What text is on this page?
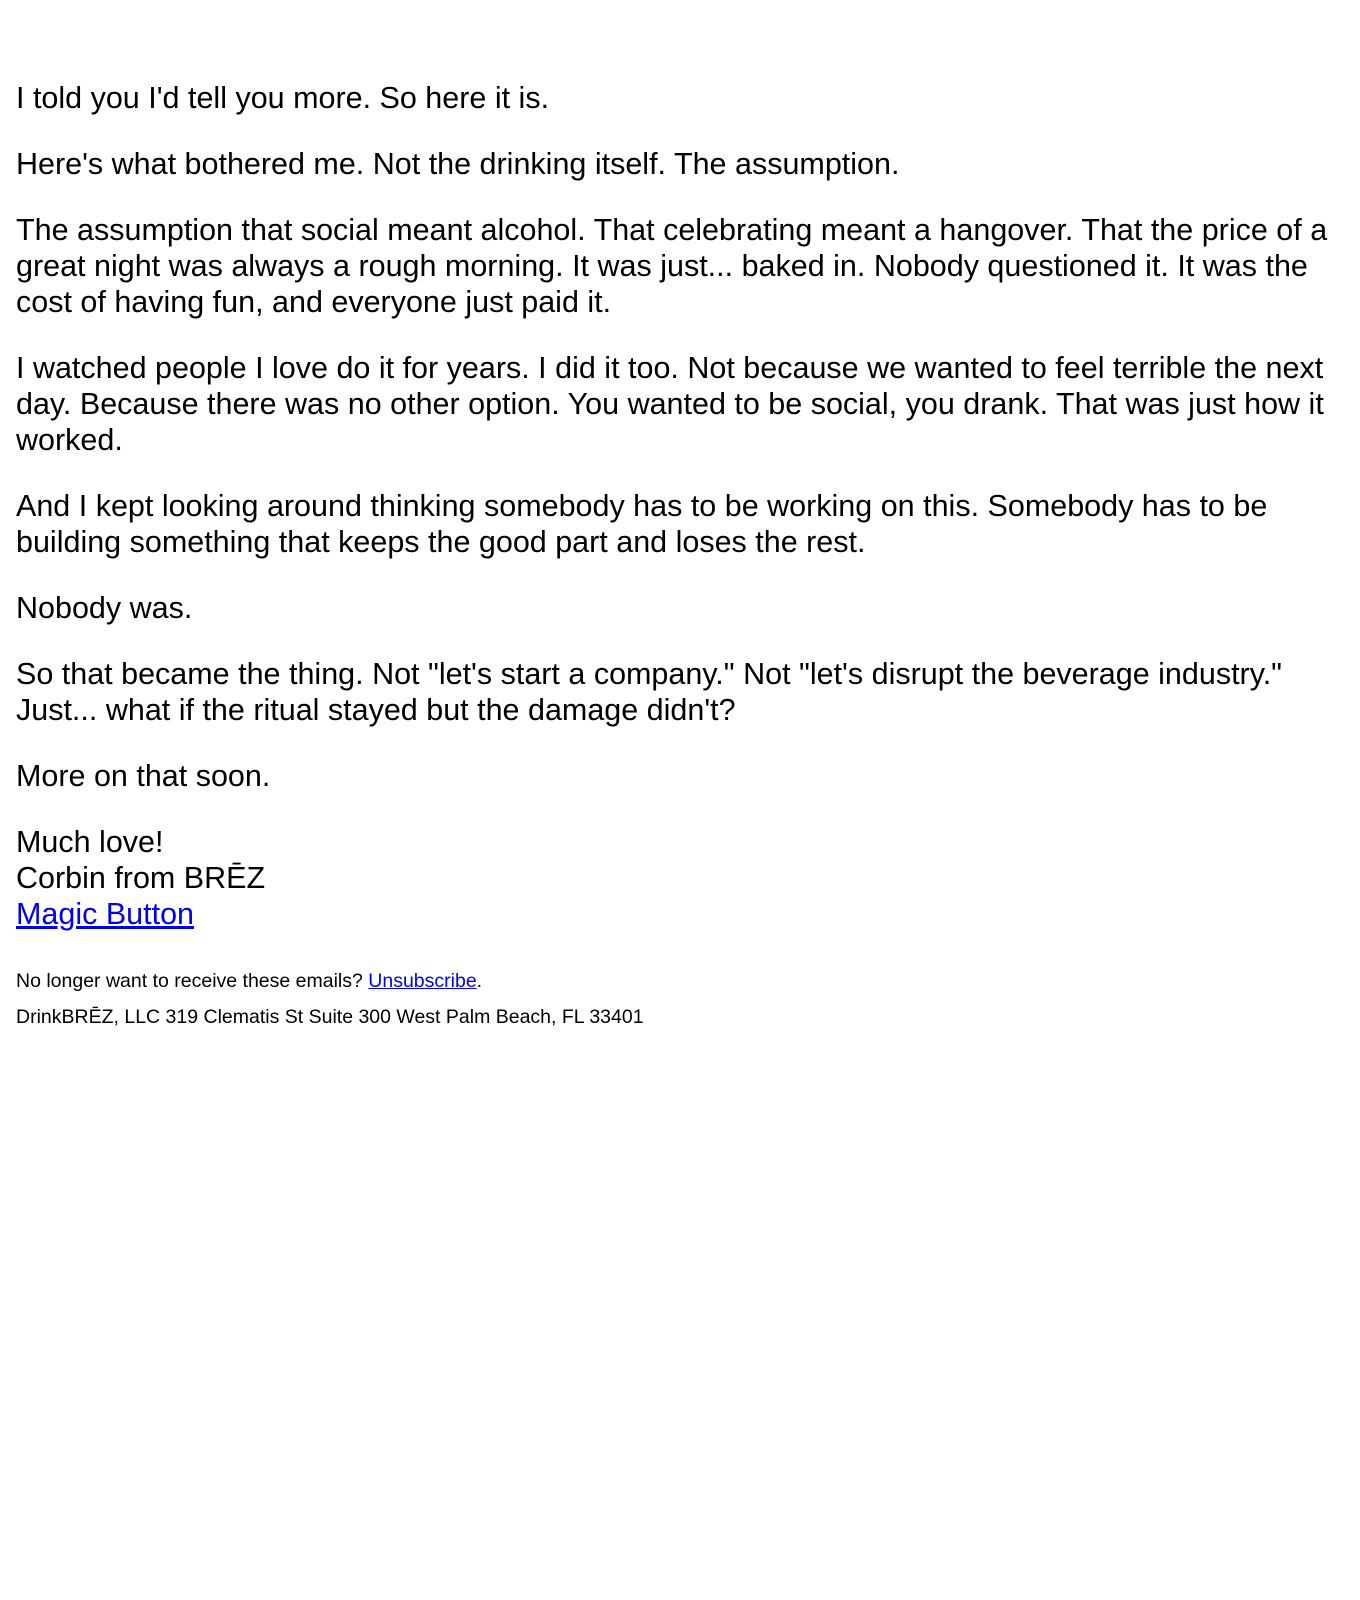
I told you I'd tell you more. So here it is.

Here's what bothered me. Not the drinking itself. The assumption.

The assumption that social meant alcohol. That celebrating meant a hangover. That the price of a great night was always a rough morning. It was just... baked in. Nobody questioned it. It was the cost of having fun, and everyone just paid it.

I watched people I love do it for years. I did it too. Not because we wanted to feel terrible the next day. Because there was no other option. You wanted to be social, you drank. That was just how it worked.

And I kept looking around thinking somebody has to be working on this. Somebody has to be building something that keeps the good part and loses the rest.

Nobody was.

So that became the thing. Not "let's start a company." Not "let's disrupt the beverage industry." Just... what if the ritual stayed but the damage didn't?

More on that soon.

Much love!
Corbin from BRĒZ
Magic Button

No longer want to receive these emails? Unsubscribe.

DrinkBRĒZ, LLC 319 Clematis St Suite 300 West Palm Beach, FL 33401
